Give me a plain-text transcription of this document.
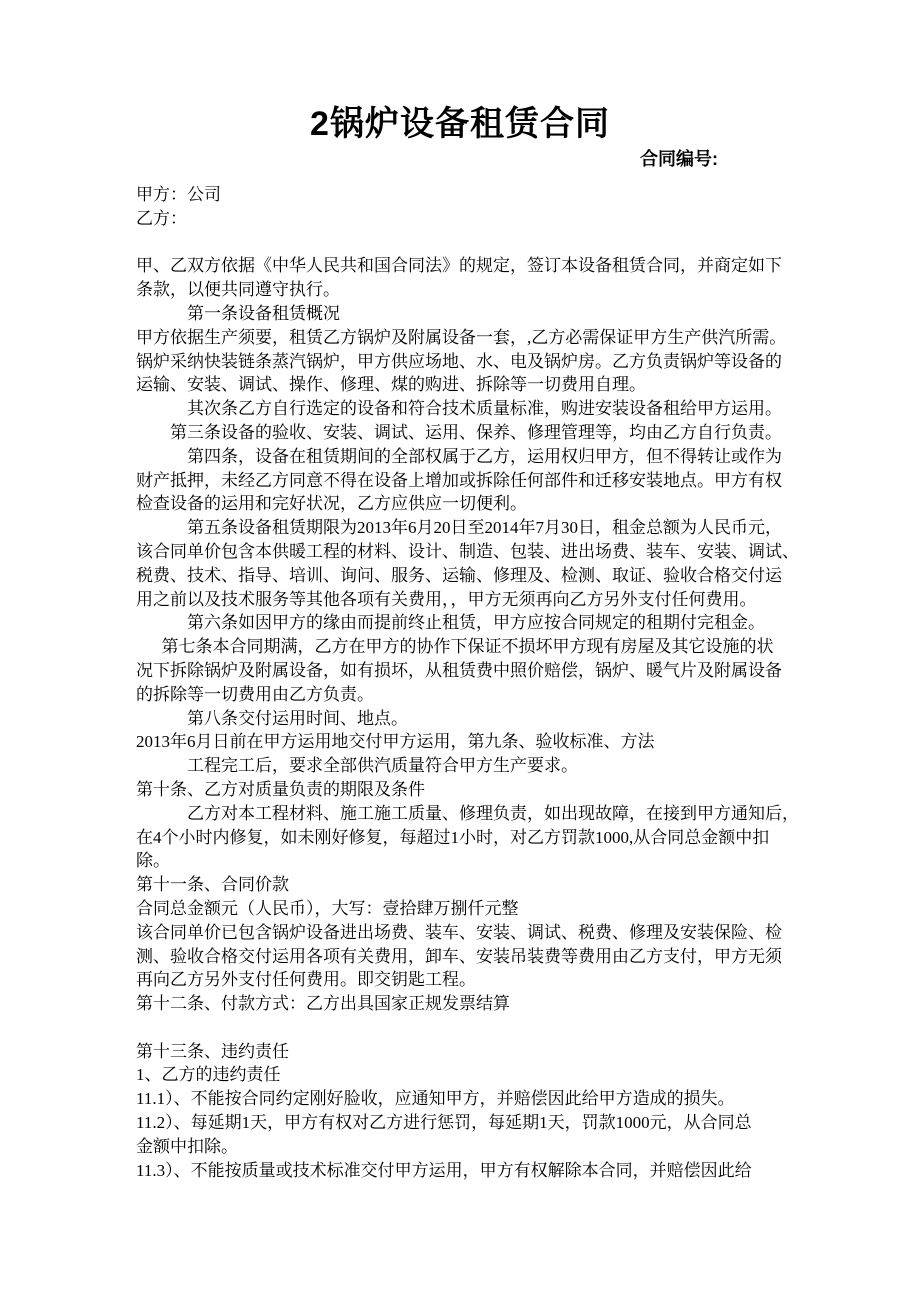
2锅炉设备租赁合同
合同编号:
甲方：公司
乙方：
甲、乙双方依据《中华人民共和国合同法》的规定，签订本设备租赁合同，并商定如下
条款，以便共同遵守执行。
第一条设备租赁概况
甲方依据生产须要，租赁乙方锅炉及附属设备一套，,乙方必需保证甲方生产供汽所需。
锅炉采纳快装链条蒸汽锅炉，甲方供应场地、水、电及锅炉房。乙方负责锅炉等设备的
运输、安装、调试、操作、修理、煤的购进、拆除等一切费用自理。
其次条乙方自行选定的设备和符合技术质量标准，购进安装设备租给甲方运用。
第三条设备的验收、安装、调试、运用、保养、修理管理等，均由乙方自行负责。
第四条，设备在租赁期间的全部权属于乙方，运用权归甲方，但不得转让或作为
财产抵押，未经乙方同意不得在设备上增加或拆除任何部件和迁移安装地点。甲方有权
检查设备的运用和完好状况，乙方应供应一切便利。
第五条设备租赁期限为2013年6月20日至2014年7月30日，租金总额为人民币元，
该合同单价包含本供暖工程的材料、设计、制造、包装、进出场费、装车、安装、调试、
税费、技术、指导、培训、询问、服务、运输、修理及、检测、取证、验收合格交付运
用之前以及技术服务等其他各项有关费用，，甲方无须再向乙方另外支付任何费用。
第六条如因甲方的缘由而提前终止租赁，甲方应按合同规定的租期付完租金。
第七条本合同期满，乙方在甲方的协作下保证不损坏甲方现有房屋及其它设施的状
况下拆除锅炉及附属设备，如有损坏，从租赁费中照价赔偿，锅炉、暖气片及附属设备
的拆除等一切费用由乙方负责。
第八条交付运用时间、地点。
2013年6月日前在甲方运用地交付甲方运用，第九条、验收标准、方法
工程完工后，要求全部供汽质量符合甲方生产要求。
第十条、乙方对质量负责的期限及条件
乙方对本工程材料、施工施工质量、修理负责，如出现故障，在接到甲方通知后，
在4个小时内修复，如未刚好修复，每超过1小时，对乙方罚款1000,从合同总金额中扣
除。
第十一条、合同价款
合同总金额元（人民币），大写：壹拾肆万捌仟元整
该合同单价已包含锅炉设备进出场费、装车、安装、调试、税费、修理及安装保险、检
测、验收合格交付运用各项有关费用，卸车、安装吊装费等费用由乙方支付，甲方无须
再向乙方另外支付任何费用。即交钥匙工程。
第十二条、付款方式：乙方出具国家正规发票结算
第十三条、违约责任
1、乙方的违约责任
11.1）、不能按合同约定刚好脸收，应通知甲方，并赔偿因此给甲方造成的损失。
11.2）、每延期1天，甲方有权对乙方进行惩罚，每延期1天，罚款1000元，从合同总
金额中扣除。
11.3）、不能按质量或技术标准交付甲方运用，甲方有权解除本合同，并赔偿因此给
